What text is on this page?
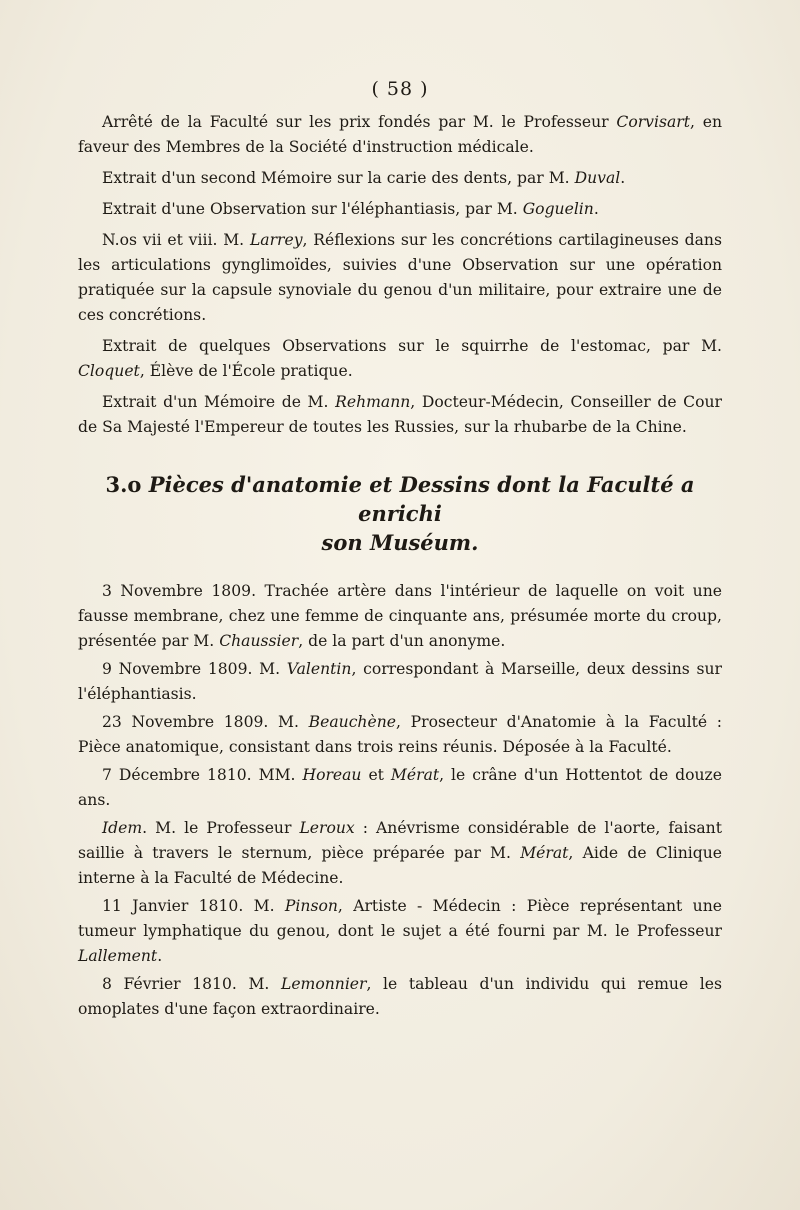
( 58 )

Arrêté de la Faculté sur les prix fondés par M. le Professeur Corvisart, en faveur des Membres de la Société d'instruction médicale.

Extrait d'un second Mémoire sur la carie des dents, par M. Duval.

Extrait d'une Observation sur l'éléphantiasis, par M. Goguelin.

N.os vii et viii. M. Larrey, Réflexions sur les concrétions cartilagineuses dans les articulations gynglimoïdes, suivies d'une Observation sur une opération pratiquée sur la capsule synoviale du genou d'un militaire, pour extraire une de ces concrétions.

Extrait de quelques Observations sur le squirrhe de l'estomac, par M. Cloquet, Élève de l'École pratique.

Extrait d'un Mémoire de M. Rehmann, Docteur-Médecin, Conseiller de Cour de Sa Majesté l'Empereur de toutes les Russies, sur la rhubarbe de la Chine.

3.o Pièces d'anatomie et Dessins dont la Faculté a enrichi
son Muséum.

3 Novembre 1809. Trachée artère dans l'intérieur de laquelle on voit une fausse membrane, chez une femme de cinquante ans, présumée morte du croup, présentée par M. Chaussier, de la part d'un anonyme.

9 Novembre 1809. M. Valentin, correspondant à Marseille, deux dessins sur l'éléphantiasis.

23 Novembre 1809. M. Beauchène, Prosecteur d'Anatomie à la Faculté : Pièce anatomique, consistant dans trois reins réunis. Déposée à la Faculté.

7 Décembre 1810. MM. Horeau et Mérat, le crâne d'un Hottentot de douze ans.

Idem. M. le Professeur Leroux : Anévrisme considérable de l'aorte, faisant saillie à travers le sternum, pièce préparée par M. Mérat, Aide de Clinique interne à la Faculté de Médecine.

11 Janvier 1810. M. Pinson, Artiste - Médecin : Pièce représentant une tumeur lymphatique du genou, dont le sujet a été fourni par M. le Professeur Lallement.

8 Février 1810. M. Lemonnier, le tableau d'un individu qui remue les omoplates d'une façon extraordinaire.
